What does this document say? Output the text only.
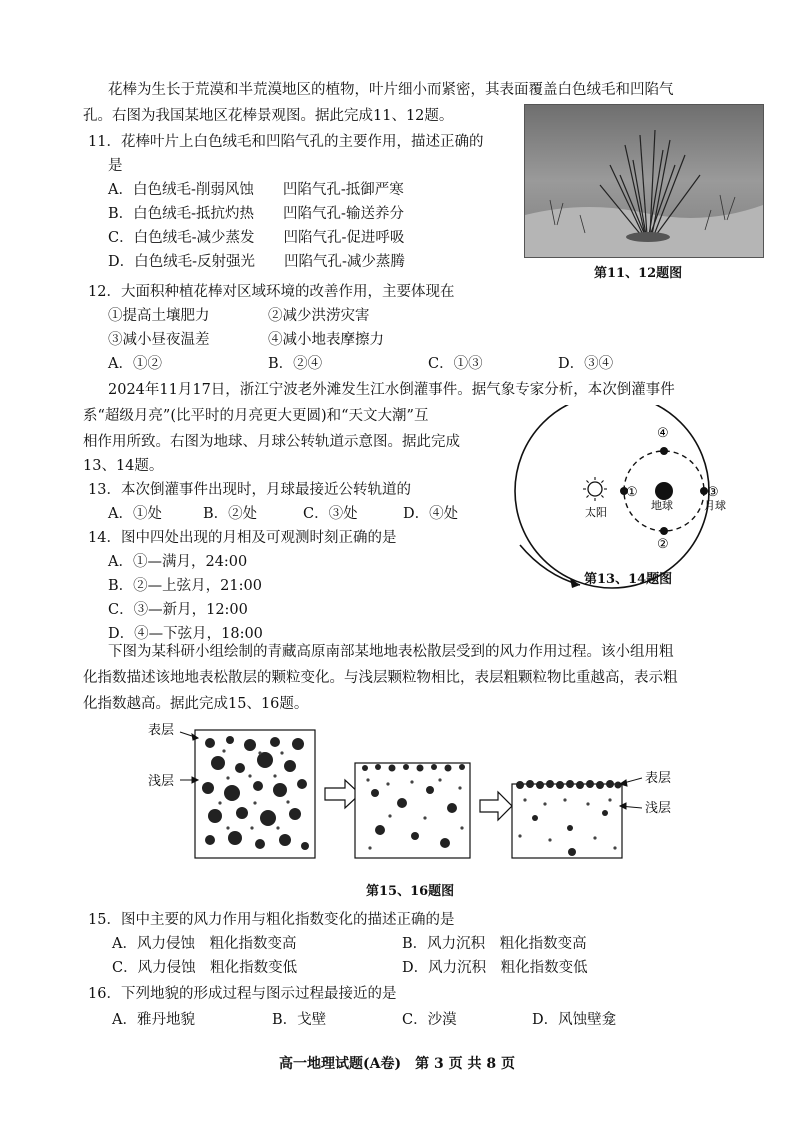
花棒为生长于荒漠和半荒漠地区的植物，叶片细小而紧密，其表面覆盖白色绒毛和凹陷气
孔。右图为我国某地区花棒景观图。据此完成11、12题。
11．花棒叶片上白色绒毛和凹陷气孔的主要作用，描述正确的
是
A．白色绒毛-削弱风蚀　　凹陷气孔-抵御严寒
B．白色绒毛-抵抗灼热　　凹陷气孔-输送养分
C．白色绒毛-减少蒸发　　凹陷气孔-促进呼吸
D．白色绒毛-反射强光　　凹陷气孔-减少蒸腾
第11、12题图
12．大面积种植花棒对区域环境的改善作用，主要体现在
①提高土壤肥力	②减少洪涝灾害
③减小昼夜温差	④减小地表摩擦力
A．①②	B．②④	C．①③	D．③④
2024年11月17日，浙江宁波老外滩发生江水倒灌事件。据气象专家分析，本次倒灌事件
系“超级月亮”(比平时的月亮更大更圆)和“天文大潮”互
相作用所致。右图为地球、月球公转轨道示意图。据此完成
13、14题。
13．本次倒灌事件出现时，月球最接近公转轨道的
A．①处	B．②处	C．③处	D．④处
14．图中四处出现的月相及可观测时刻正确的是
A．①—满月，24:00
B．②—上弦月，21:00
C．③—新月，12:00
D．④—下弦月，18:00
太阳
地球	月球
①
②
③
④
第13、14题图
下图为某科研小组绘制的青藏高原南部某地地表松散层受到的风力作用过程。该小组用粗
化指数描述该地地表松散层的颗粒变化。与浅层颗粒物相比，表层粗颗粒物比重越高，表示粗
化指数越高。据此完成15、16题。
表层
浅层	表层
浅层
第15、16题图
15．图中主要的风力作用与粗化指数变化的描述正确的是
A．风力侵蚀　粗化指数变高	B．风力沉积　粗化指数变高
C．风力侵蚀　粗化指数变低	D．风力沉积　粗化指数变低
16．下列地貌的形成过程与图示过程最接近的是
A．雅丹地貌	B．戈壁	C．沙漠	D．风蚀壁龛
高一地理试题(A卷)　第 3 页 共 8 页
